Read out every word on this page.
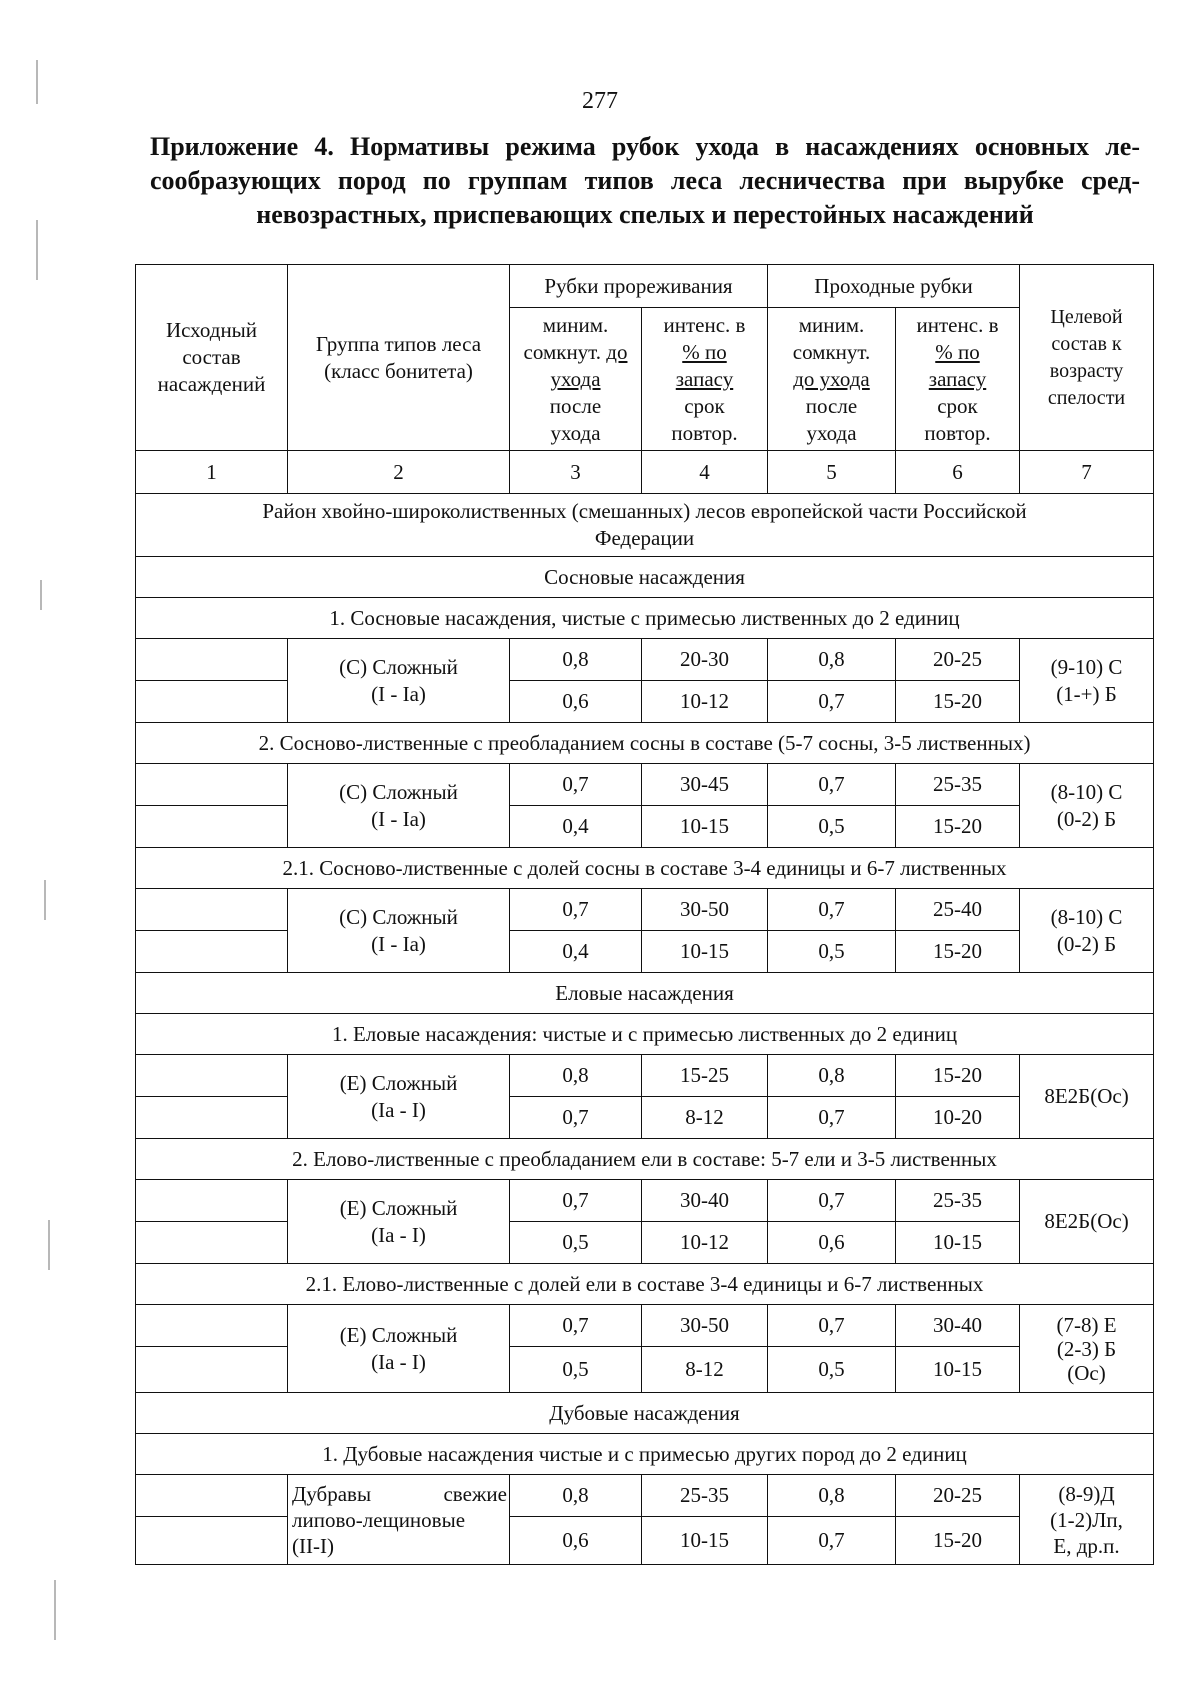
277
Приложение 4. Нормативы режима рубок ухода в насаждениях основных ле-
сообразующих пород по группам типов леса лесничества при вырубке сред-
невозрастных, приспевающих спелых и перестойных насаждений
Исходный состав насаждений	Группа типов леса (класс бонитета)	Рубки прореживания		Проходные рубки		Целевой состав к возрасту спелости

		миним.
сомкнут. до
ухода
после
ухода	интенс. в
% по
запасу
срок
повтор.	миним.
сомкнут.
до ухода
после
ухода	интенс. в
% по
запасу
срок
повтор.	

1	2	3	4	5	6	7
Район хвойно-широколиственных (смешанных) лесов европейской части Российской Федерации						
Сосновые насаждения						
1. Сосновые насаждения, чистые с примесью лиственных до 2 единиц						

	(С) Сложный
(I - Ia)	0,8	20-30	0,8	20-25	(9-10) С
(1-+) Б

		0,6	10-12	0,7	15-20	
2. Сосново-лиственные с преобладанием сосны в составе (5-7 сосны, 3-5 лиственных)						

	(С) Сложный
(I - Ia)	0,7	30-45	0,7	25-35	(8-10) С
(0-2) Б

		0,4	10-15	0,5	15-20	
2.1. Сосново-лиственные с долей сосны в составе 3-4 единицы и 6-7 лиственных						

	(С) Сложный
(I - Ia)	0,7	30-50	0,7	25-40	(8-10) С
(0-2) Б

		0,4	10-15	0,5	15-20	
Еловые насаждения						
1. Еловые насаждения: чистые и с примесью лиственных до 2 единиц						

	(Е) Сложный
(Ia - I)	0,8	15-25	0,8	15-20	8Е2Б(Ос)

		0,7	8-12	0,7	10-20	
2. Елово-лиственные с преобладанием ели в составе: 5-7 ели и 3-5 лиственных						

	(Е) Сложный
(Ia - I)	0,7	30-40	0,7	25-35	8Е2Б(Ос)

		0,5	10-12	0,6	10-15	
2.1. Елово-лиственные с долей ели в составе 3-4 единицы и 6-7 лиственных						

	(Е) Сложный
(Ia - I)	0,7	30-50	0,7	30-40	(7-8) Е
(2-3) Б
(Ос)

		0,5	8-12	0,5	10-15	
Дубовые насаждения						
1. Дубовые насаждения чистые и с примесью других пород до 2 единиц						

	Дубравы свежие
липово-лещиновые
(II-I)	0,8	25-35	0,8	20-25	(8-9)Д
(1-2)Лп,
Е, др.п.

		0,6	10-15	0,7	15-20	
